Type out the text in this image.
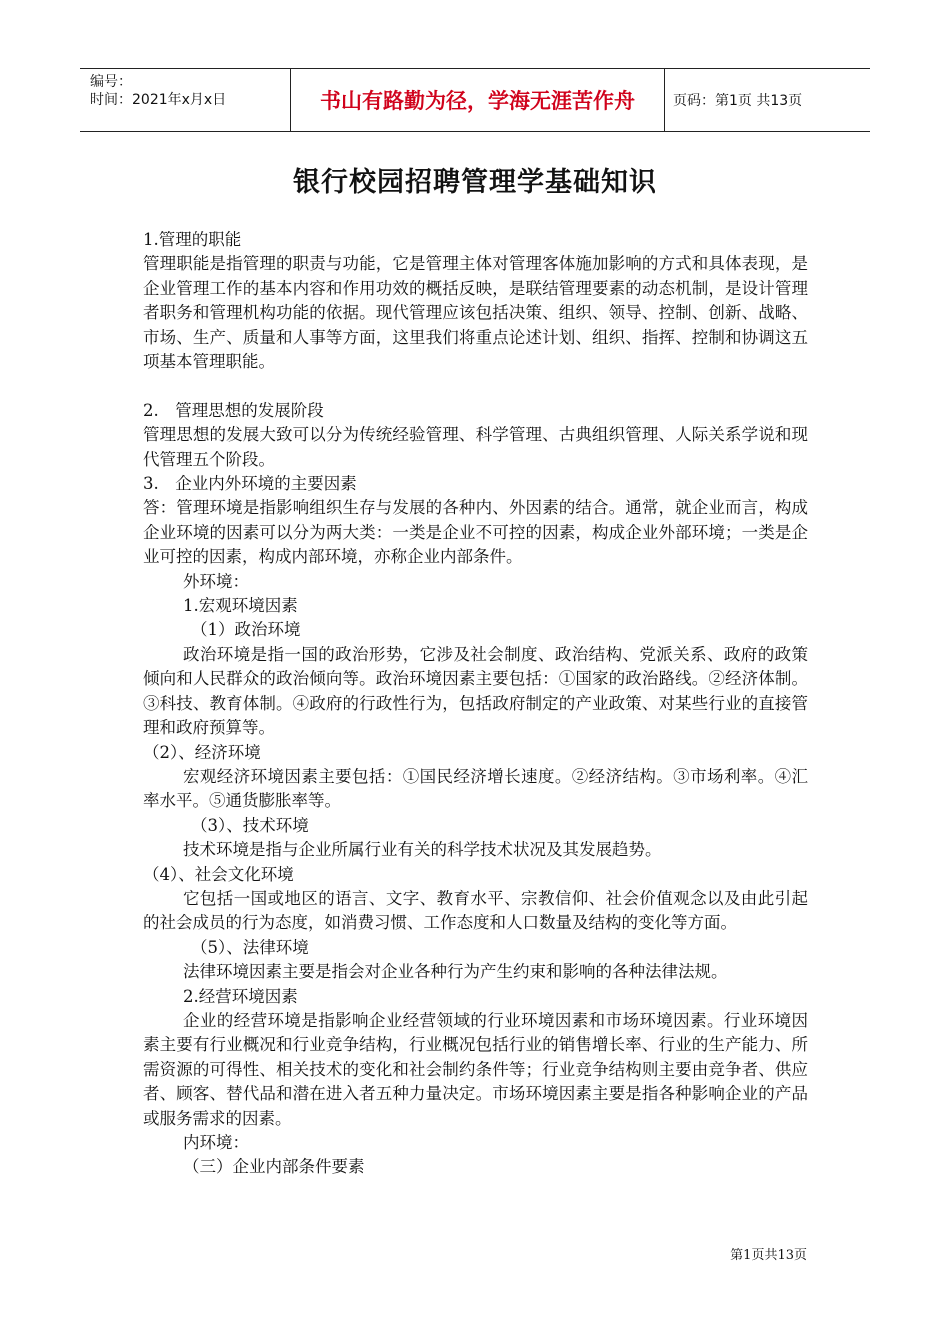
编号：
时间：2021年x月x日	书山有路勤为径，学海无涯苦作舟	页码：第1页 共13页
银行校园招聘管理学基础知识

1.管理的职能

管理职能是指管理的职责与功能，它是管理主体对管理客体施加影响的方式和具体表现，是企业管理工作的基本内容和作用功效的概括反映，是联结管理要素的动态机制，是设计管理者职务和管理机构功能的依据。现代管理应该包括决策、组织、领导、控制、创新、战略、市场、生产、质量和人事等方面，这里我们将重点论述计划、组织、指挥、控制和协调这五项基本管理职能。

2.　管理思想的发展阶段

管理思想的发展大致可以分为传统经验管理、科学管理、古典组织管理、人际关系学说和现代管理五个阶段。

3.　企业内外环境的主要因素

答：管理环境是指影响组织生存与发展的各种内、外因素的结合。通常，就企业而言，构成企业环境的因素可以分为两大类：一类是企业不可控的因素，构成企业外部环境；一类是企业可控的因素，构成内部环境，亦称企业内部条件。

外环境：

1.宏观环境因素

（1）政治环境

政治环境是指一国的政治形势，它涉及社会制度、政治结构、党派关系、政府的政策倾向和人民群众的政治倾向等。政治环境因素主要包括：①国家的政治路线。②经济体制。③科技、教育体制。④政府的行政性行为，包括政府制定的产业政策、对某些行业的直接管理和政府预算等。

（2）、经济环境

宏观经济环境因素主要包括：①国民经济增长速度。②经济结构。③市场利率。④汇率水平。⑤通货膨胀率等。

（3）、技术环境

技术环境是指与企业所属行业有关的科学技术状况及其发展趋势。

（4）、社会文化环境

它包括一国或地区的语言、文字、教育水平、宗教信仰、社会价值观念以及由此引起的社会成员的行为态度，如消费习惯、工作态度和人口数量及结构的变化等方面。

（5）、法律环境

法律环境因素主要是指会对企业各种行为产生约束和影响的各种法律法规。

2.经营环境因素

企业的经营环境是指影响企业经营领域的行业环境因素和市场环境因素。行业环境因素主要有行业概况和行业竞争结构，行业概况包括行业的销售增长率、行业的生产能力、所需资源的可得性、相关技术的变化和社会制约条件等；行业竞争结构则主要由竞争者、供应者、顾客、替代品和潜在进入者五种力量决定。市场环境因素主要是指各种影响企业的产品或服务需求的因素。

内环境：

（三）企业内部条件要素

第1页共13页
